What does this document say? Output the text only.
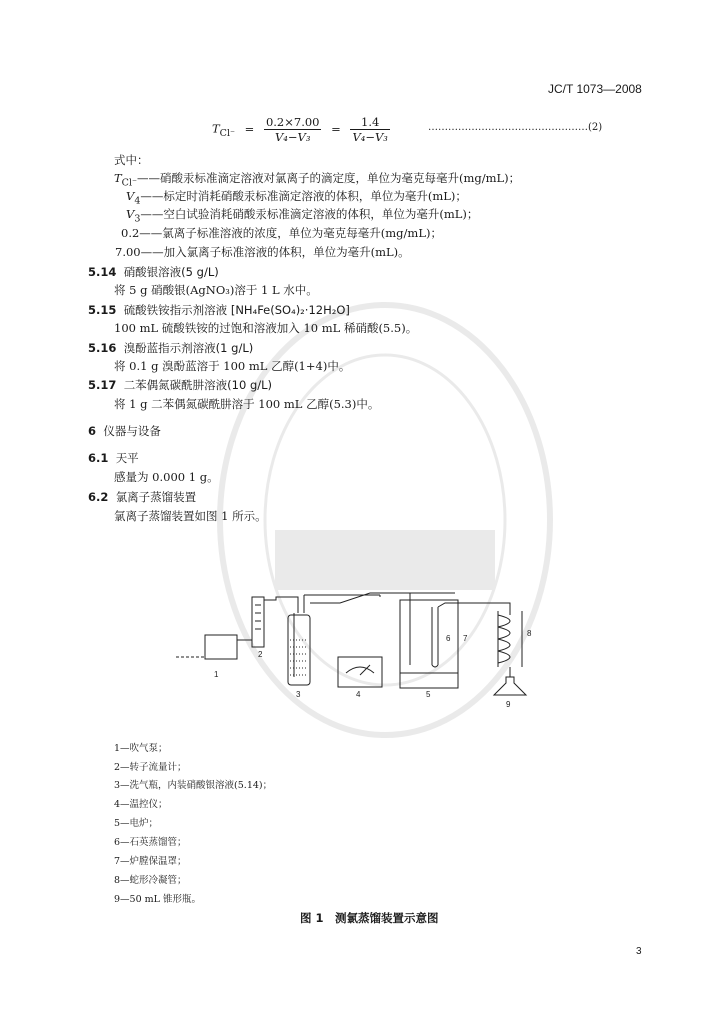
JC/T 1073—2008
$T_{Cl^-} = \frac{0.2\times 7.00}{\text{V₄−V₃}} = \frac{1.4}{\text{V₄−V₃}}$	…………………………………………(2)
式中：
$T_{Cl^-}——$硝酸汞标准滴定溶液对氯离子的滴定度，单位为毫克每毫升(mg/mL)；
$V_4——$标定时消耗硝酸汞标准滴定溶液的体积，单位为毫升(mL)；
$V_3——$空白试验消耗硝酸汞标准滴定溶液的体积，单位为毫升(mL)；
0.2——氯离子标准溶液的浓度，单位为毫克每毫升(mg/mL)；
7.00——加入氯离子标准溶液的体积，单位为毫升(mL)。
5.14 硝酸银溶液(5 g/L)
将 5 g 硝酸银(AgNO₃)溶于 1 L 水中。
5.15 硫酸铁铵指示剂溶液 [NH₄Fe(SO₄)₂·12H₂O]
100 mL 硫酸铁铵的过饱和溶液加入 10 mL 稀硝酸(5.5)。
5.16 溴酚蓝指示剂溶液(1 g/L)
将 0.1 g 溴酚蓝溶于 100 mL 乙醇(1+4)中。
5.17 二苯偶氮碳酰肼溶液(10 g/L)
将 1 g 二苯偶氮碳酰肼溶于 100 mL 乙醇(5.3)中。
6 仪器与设备
6.1 天平
感量为 0.000 1 g。
6.2 氯离子蒸馏装置
氯离子蒸馏装置如图 1 所示。
1
2
3	4	5
6 7
8
9
1—吹气泵；
2—转子流量计；
3—洗气瓶，内装硝酸银溶液(5.14)；
4—温控仪；
5—电炉；
6—石英蒸馏管；
7—炉膛保温罩；
8—蛇形冷凝管；
9—50 mL 锥形瓶。
图 1　测氯蒸馏装置示意图
3
